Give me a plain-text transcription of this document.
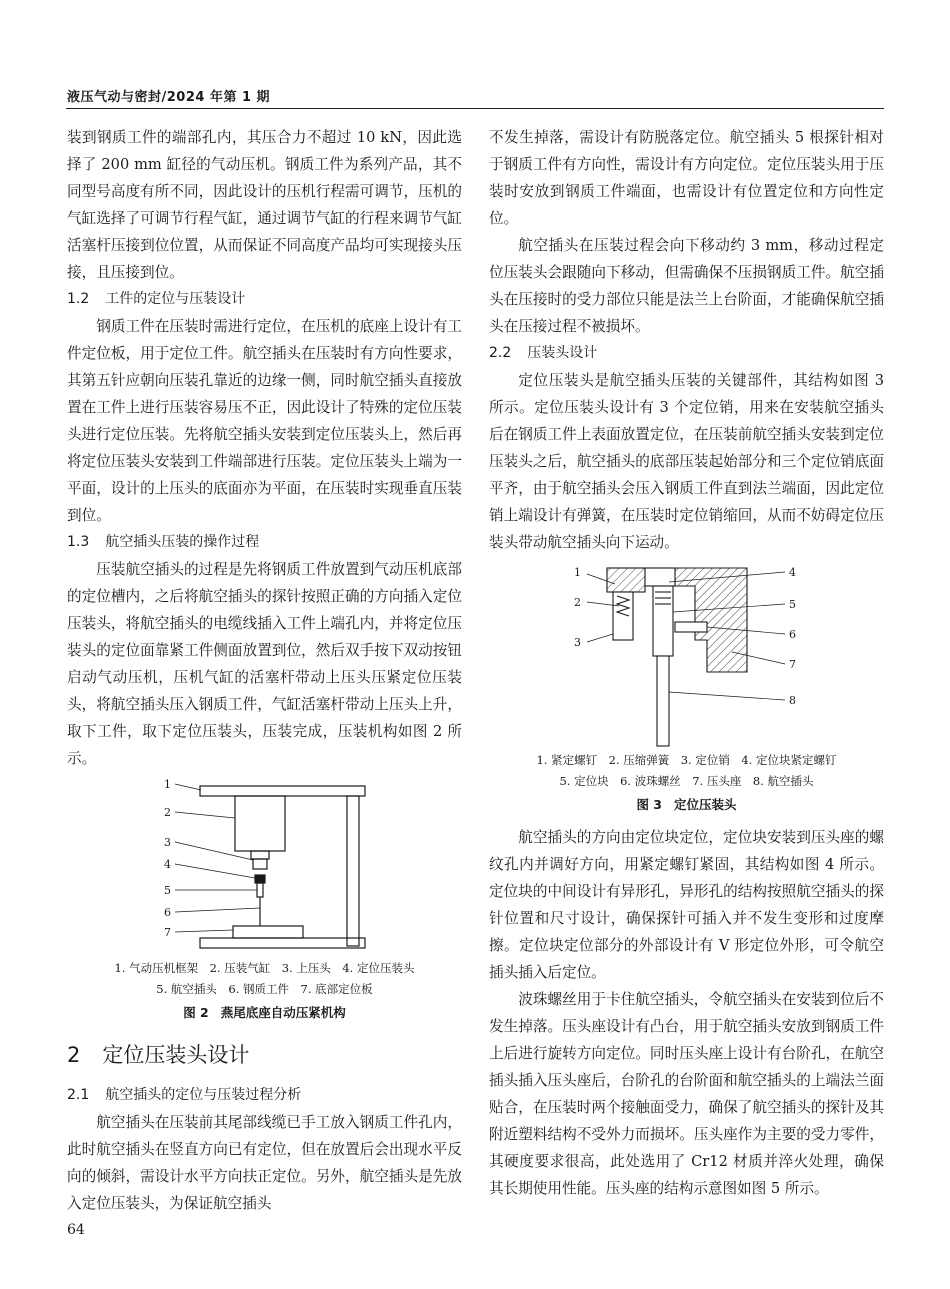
液压气动与密封/2024 年第 1 期

装到钢质工件的端部孔内，其压合力不超过 10 kN，因此选择了 200 mm 缸径的气动压机。钢质工件为系列产品，其不同型号高度有所不同，因此设计的压机行程需可调节，压机的气缸选择了可调节行程气缸，通过调节气缸的行程来调节气缸活塞杆压接到位位置，从而保证不同高度产品均可实现接头压接，且压接到位。

1.2 工件的定位与压装设计

钢质工件在压装时需进行定位，在压机的底座上设计有工件定位板，用于定位工件。航空插头在压装时有方向性要求，其第五针应朝向压装孔靠近的边缘一侧，同时航空插头直接放置在工件上进行压装容易压不正，因此设计了特殊的定位压装头进行定位压装。先将航空插头安装到定位压装头上，然后再将定位压装头安装到工件端部进行压装。定位压装头上端为一平面，设计的上压头的底面亦为平面，在压装时实现垂直压装到位。

1.3 航空插头压装的操作过程

压装航空插头的过程是先将钢质工件放置到气动压机底部的定位槽内，之后将航空插头的探针按照正确的方向插入定位压装头，将航空插头的电缆线插入工件上端孔内，并将定位压装头的定位面靠紧工件侧面放置到位，然后双手按下双动按钮启动气动压机，压机气缸的活塞杆带动上压头压紧定位压装头，将航空插头压入钢质工件，气缸活塞杆带动上压头上升，取下工件，取下定位压装头，压装完成，压装机构如图 2 所示。

1
2
3
4
5
6
7
1. 气动压机框架　2. 压装气缸　3. 上压头　4. 定位压装头
5. 航空插头　6. 钢质工件　7. 底部定位板
图 2 燕尾底座自动压紧机构
2 定位压装头设计
2.1 航空插头的定位与压装过程分析

航空插头在压装前其尾部线缆已手工放入钢质工件孔内，此时航空插头在竖直方向已有定位，但在放置后会出现水平反向的倾斜，需设计水平方向扶正定位。另外，航空插头是先放入定位压装头，为保证航空插头

不发生掉落，需设计有防脱落定位。航空插头 5 根探针相对于钢质工件有方向性，需设计有方向定位。定位压装头用于压装时安放到钢质工件端面，也需设计有位置定位和方向性定位。

航空插头在压装过程会向下移动约 3 mm，移动过程定位压装头会跟随向下移动，但需确保不压损钢质工件。航空插头在压接时的受力部位只能是法兰上台阶面，才能确保航空插头在压接过程不被损坏。

2.2 压装头设计

定位压装头是航空插头压装的关键部件，其结构如图 3 所示。定位压装头设计有 3 个定位销，用来在安装航空插头后在钢质工件上表面放置定位，在压装前航空插头安装到定位压装头之后，航空插头的底部压装起始部分和三个定位销底面平齐，由于航空插头会压入钢质工件直到法兰端面，因此定位销上端设计有弹簧，在压装时定位销缩回，从而不妨碍定位压装头带动航空插头向下运动。

1
2
3
4
5
6
7
8
1. 紧定螺钉　2. 压缩弹簧　3. 定位销　4. 定位块紧定螺钉
5. 定位块　6. 波珠螺丝　7. 压头座　8. 航空插头
图 3 定位压装头

航空插头的方向由定位块定位，定位块安装到压头座的螺纹孔内并调好方向，用紧定螺钉紧固，其结构如图 4 所示。定位块的中间设计有异形孔，异形孔的结构按照航空插头的探针位置和尺寸设计，确保探针可插入并不发生变形和过度摩擦。定位块定位部分的外部设计有 V 形定位外形，可令航空插头插入后定位。

波珠螺丝用于卡住航空插头，令航空插头在安装到位后不发生掉落。压头座设计有凸台，用于航空插头安放到钢质工件上后进行旋转方向定位。同时压头座上设计有台阶孔，在航空插头插入压头座后，台阶孔的台阶面和航空插头的上端法兰面贴合，在压装时两个接触面受力，确保了航空插头的探针及其附近塑料结构不受外力而损坏。压头座作为主要的受力零件，其硬度要求很高，此处选用了 Cr12 材质并淬火处理，确保其长期使用性能。压头座的结构示意图如图 5 所示。

64
